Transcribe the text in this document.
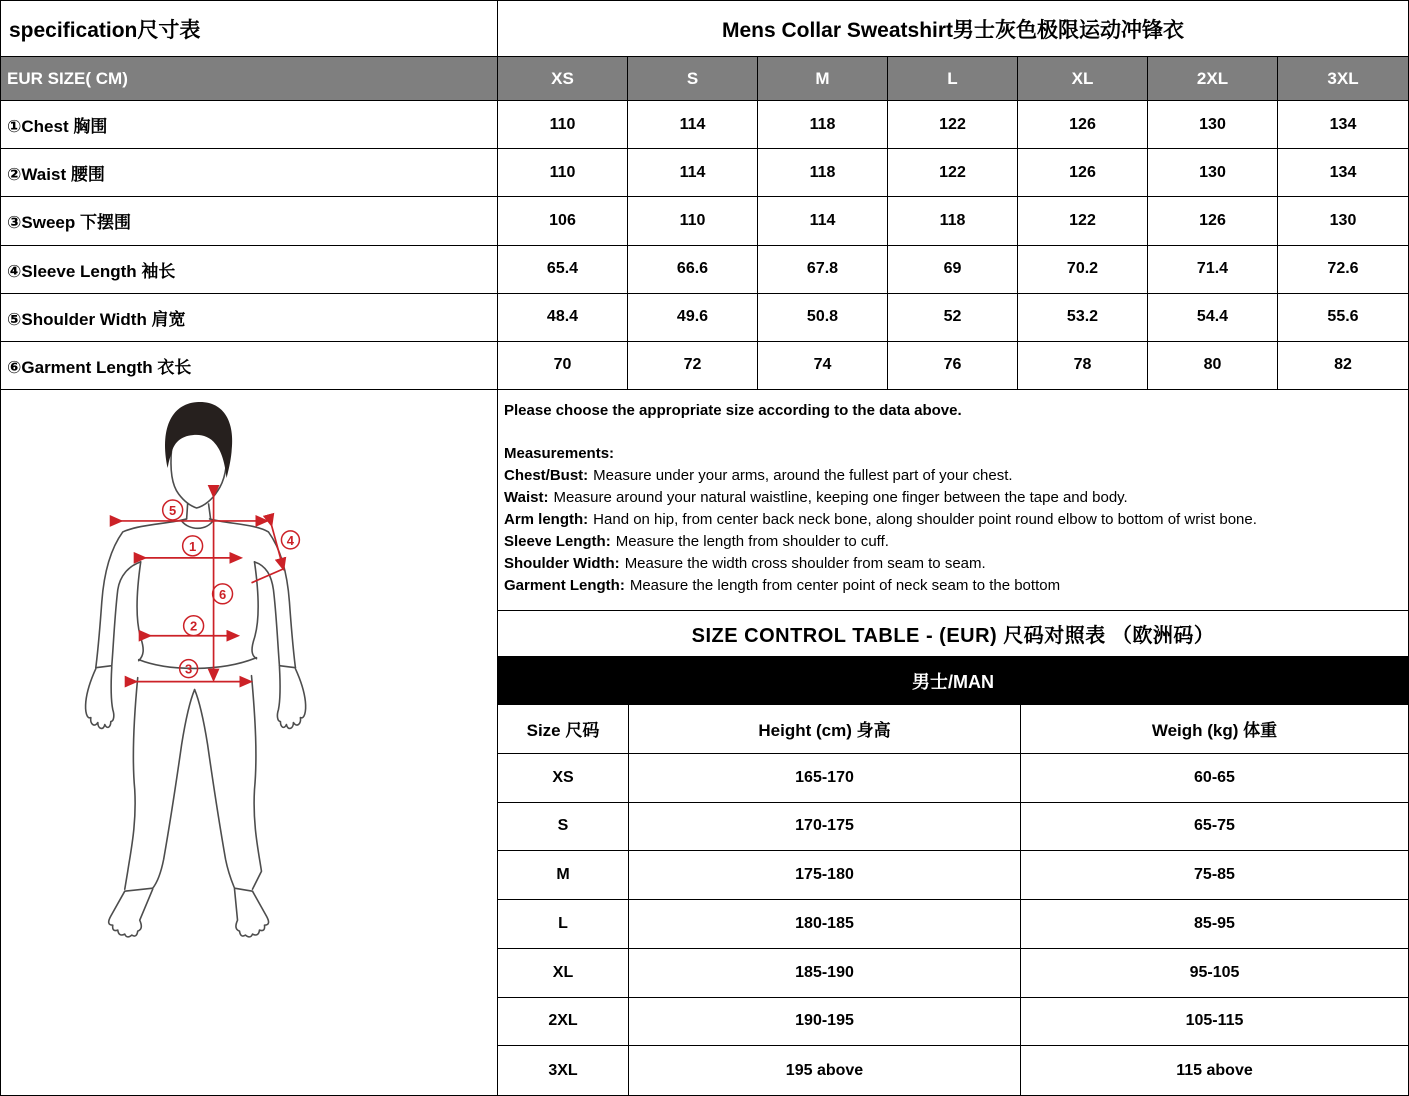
specification尺寸表	Mens Collar Sweatshirt男士灰色极限运动冲锋衣
EUR SIZE( CM)	XS	S	M	L	XL	2XL	3XL
①Chest 胸围	110	114	118	122	126	130	134
②Waist 腰围	110	114	118	122	126	130	134
③Sweep 下摆围	106	110	114	118	122	126	130
④Sleeve Length 袖长	65.4	66.6	67.8	69	70.2	71.4	72.6
⑤Shoulder Width 肩宽	48.4	49.6	50.8	52	53.2	54.4	55.6
⑥Garment Length 衣长	70	72	74	76	78	80	82
5
1	4
6
2
3
Please choose the appropriate size according to the data above.
Measurements:
Chest/Bust: Measure under your arms, around the fullest part of your chest.
Waist: Measure around your natural waistline, keeping one finger between the tape and body.
Arm length: Hand on hip, from center back neck bone, along shoulder point round elbow to bottom of wrist bone.
Sleeve Length: Measure the length from shoulder to cuff.
Shoulder Width: Measure the width cross shoulder from seam to seam.
Garment Length: Measure the length from center point of neck seam to the bottom
SIZE CONTROL TABLE - (EUR) 尺码对照表 （欧洲码）
男士/MAN
Size 尺码	Height (cm) 身高	Weigh (kg) 体重
XS	165-170	60-65
S	170-175	65-75
M	175-180	75-85
L	180-185	85-95
XL	185-190	95-105
2XL	190-195	105-115
3XL	195 above	115 above
